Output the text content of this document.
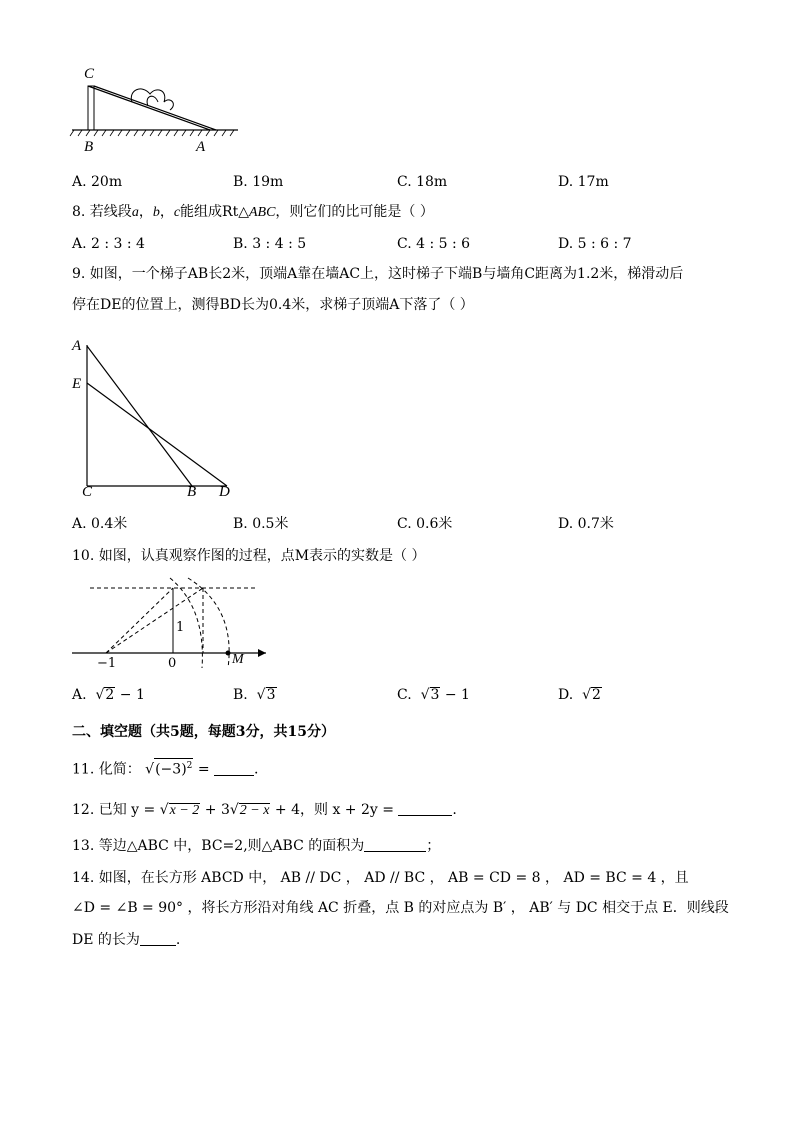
C
B	A
A. 20m	B. 19m	C. 18m	D. 17m
8. 若线段a，b，c能组成Rt△ABC，则它们的比可能是（ ）
A. 2 : 3 : 4	B. 3 : 4 : 5	C. 4 : 5 : 6	D. 5 : 6 : 7
9. 如图，一个梯子AB长2米，顶端A靠在墙AC上，这时梯子下端B与墙角C距离为1.2米，梯滑动后
停在DE的位置上，测得BD长为0.4米，求梯子顶端A下落了（ ）
A
E
C	B D
A. 0.4米	B. 0.5米	C. 0.6米	D. 0.7米
10. 如图，认真观察作图的过程，点M表示的实数是（ ）
1
−1	0	M
A.  √2 − 1	B.  √3	C.  √3 − 1	D.  √2
二、填空题（共5题，每题3分，共15分）
11. 化简： $√(-3)^2$ =	.
12. 已知 y = √x − 2 + 3√2 − x + 4，则 x + 2y =	.
13. 等边△ABC 中，BC=2,则△ABC 的面积为	；
14. 如图，在长方形 ABCD 中， AB // DC ， AD // BC ， AB = CD = 8 ， AD = BC = 4 ，且
∠D = ∠B = 90° ，将长方形沿对角线 AC 折叠，点 B 的对应点为 B′ ， AB′ 与 DC 相交于点 E．则线段
DE 的长为	.
